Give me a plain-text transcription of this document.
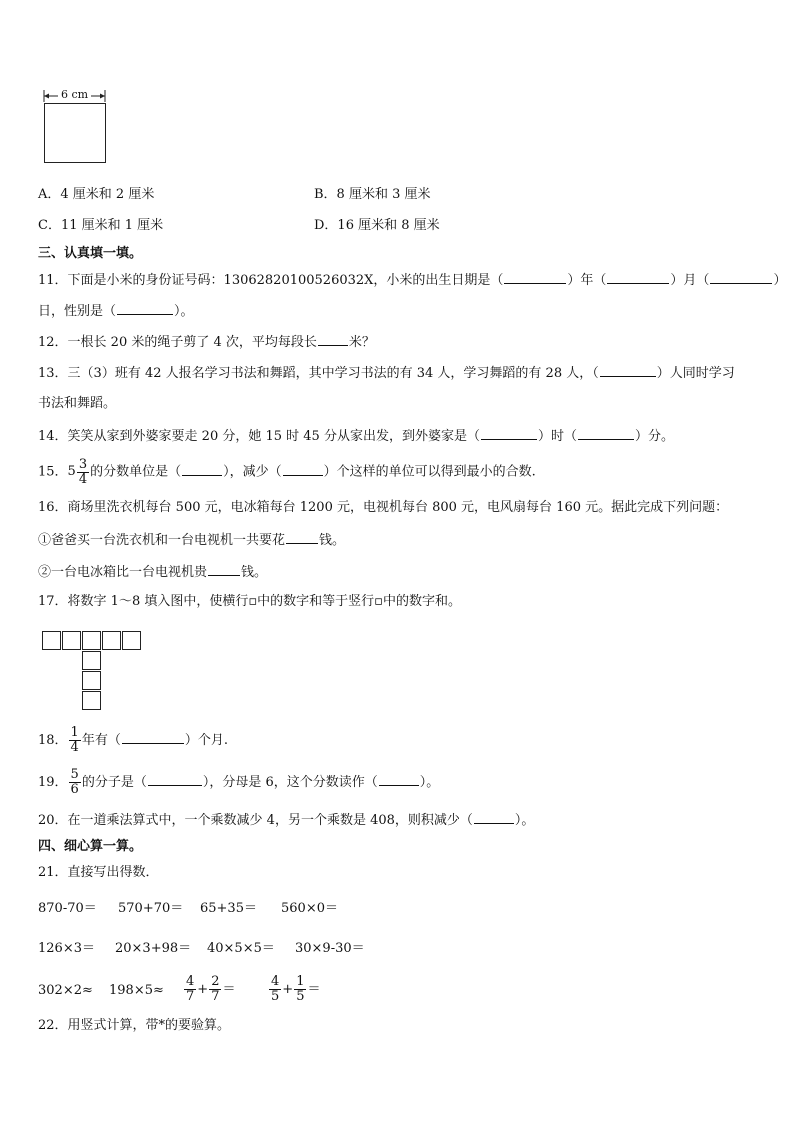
6 cm
A．4 厘米和 2 厘米	B．8 厘米和 3 厘米
C．11 厘米和 1 厘米	D．16 厘米和 8 厘米
三、认真填一填。
11．下面是小米的身份证号码：13062820100526032X，小米的出生日期是（	）年（	）月（	）
日，性别是（	）。
12．一根长 20 米的绳子剪了 4 次，平均每段长 米？
13．三（3）班有 42 人报名学习书法和舞蹈，其中学习书法的有 34 人，学习舞蹈的有 28 人，（	）人同时学习
书法和舞蹈。
14．笑笑从家到外婆家要走 20 分，她 15 时 45 分从家出发，到外婆家是（	）时（	）分。
15．$5 \frac{3}{4}$ 的分数单位是（	），减少（	）个这样的单位可以得到最小的合数.
16．商场里洗衣机每台 500 元，电冰箱每台 1200 元，电视机每台 800 元，电风扇每台 160 元。据此完成下列问题：
①爸爸买一台洗衣机和一台电视机一共要花	钱。
②一台电冰箱比一台电视机贵	钱。
17．将数字 1～8 填入图中，使横行▫中的数字和等于竖行▫中的数字和。
18． $\frac{1}{4}$ 年有（	）个月.
19． $\frac{5}{6}$ 的分子是（	），分母是 6，这个分数读作（	）。
20．在一道乘法算式中，一个乘数减少 4，另一个乘数是 408，则积减少（	）。
四、细心算一算。
21．直接写出得数．
870-70＝ 570+70＝ 65+35＝ 560×0＝
126×3＝ 20×3+98＝ 40×5×5＝ 30×9-30＝
$302\times 2\approx 198\times 5\approx \frac{4}{7} + \frac{2}{7}$ ＝	$\frac{4}{5} + \frac{1}{5}$ ＝
22．用竖式计算，带*的要验算。
